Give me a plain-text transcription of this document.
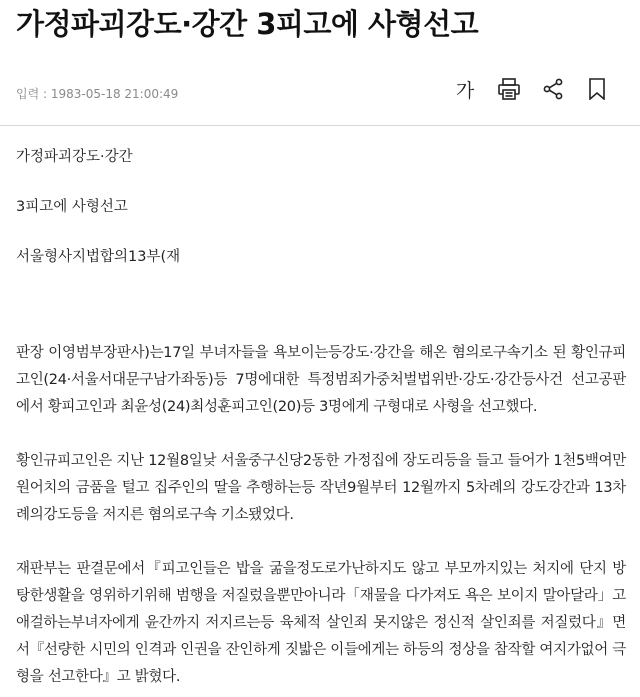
가정파괴강도·강간 3피고에 사형선고
입력 : 1983-05-18 21:00:49	가

가정파괴강도·강간

3피고에 사형선고

서울형사지법합의13부(재

판장 이영범부장판사)는17일 부녀자들을 욕보이는등강도·강간을 해온 혐의로구속기소 된 황인규피고인(24·서울서대문구남가좌동)등 7명에대한 특정범죄가중처벌법위반·강도·강간등사건 선고공판에서 황피고인과 최윤성(24)최성훈피고인(20)등 3명에게 구형대로 사형을 선고했다.

황인규피고인은 지난 12월8일낮 서울중구신당2동한 가정집에 장도리등을 들고 들어가 1천5백여만원어치의 금품을 털고 집주인의 딸을 추행하는등 작년9월부터 12월까지 5차례의 강도강간과 13차례의강도등을 저지른 혐의로구속 기소됐었다.

재판부는 판결문에서『피고인들은 밥을 굶을정도로가난하지도 않고 부모까지있는 처지에 단지 방탕한생활을 영위하기위해 범행을 저질렀을뿐만아니라「재물을 다가져도 욕은 보이지 말아달라」고 애걸하는부녀자에게 윤간까지 저지르는등 육체적 살인죄 못지않은 정신적 살인죄를 저질렀다』면서『선량한 시민의 인격과 인권을 잔인하게 짓밟은 이들에게는 하등의 정상을 참작할 여지가없어 극형을 선고한다』고 밝혔다.
